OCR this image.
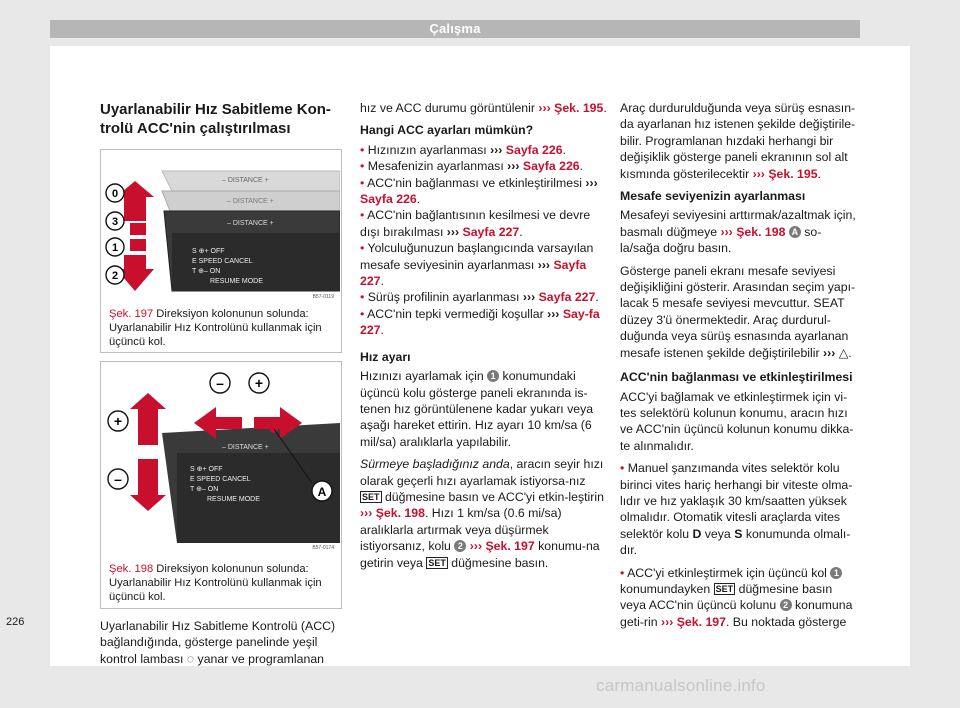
Çalışma
Uyarlanabilir Hız Sabitleme Kon-trolü ACC'nin çalıştırılması
– DISTANCE +
– DISTANCE +
– DISTANCE +
S ⊕+ OFF
E SPEED CANCEL
T ⊕– ON
RESUME MODE
0
3
1
2
B57-0119
Şek. 197 Direksiyon kolonunun solunda: Uyarlanabilir Hız Kontrolünü kullanmak için üçüncü kol.
– DISTANCE +
S ⊕+ OFF
E SPEED CANCEL
T ⊕– ON
RESUME MODE
– +
+
–
A
B57-0174
Şek. 198 Direksiyon kolonunun solunda: Uyarlanabilir Hız Kontrolünü kullanmak için üçüncü kol.
Uyarlanabilir Hız Sabitleme Kontrolü (ACC) bağlandığında, gösterge panelinde yeşil kontrol lambası ◌ yanar ve programlanan

hız ve ACC durumu görüntülenir ››› Şek. 195.

Hangi ACC ayarları mümkün?
• Hızınızın ayarlanması ››› Sayfa 226.
• Mesafenizin ayarlanması ››› Sayfa 226.
• ACC'nin bağlanması ve etkinleştirilmesi ››› Sayfa 226.
• ACC'nin bağlantısının kesilmesi ve devre dışı bırakılması ››› Sayfa 227.
• Yolculuğunuzun başlangıcında varsayılan mesafe seviyesinin ayarlanması ››› Sayfa 227.
• Sürüş profilinin ayarlanması ››› Sayfa 227.
• ACC'nin tepki vermediği koşullar ››› Say-fa 227.
Hız ayarı

Hızınızı ayarlamak için 1 konumundaki üçüncü kolu gösterge paneli ekranında is-tenen hız görüntülenene kadar yukarı veya aşağı hareket ettirin. Hız ayarı 10 km/sa (6 mil/sa) aralıklarla yapılabilir.

Sürmeye başladığınız anda, aracın seyir hızı olarak geçerli hızı ayarlamak istiyorsa-nız SET düğmesine basın ve ACC'yi etkin-leştirin ››› Şek. 198. Hızı 1 km/sa (0.6 mi/sa) aralıklarla artırmak veya düşürmek istiyorsanız, kolu 2 ››› Şek. 197 konumu-na getirin veya SET düğmesine basın.

Araç durdurulduğunda veya sürüş esnasın-da ayarlanan hız istenen şekilde değiştirile-bilir. Programlanan hızdaki herhangi bir değişiklik gösterge paneli ekranının sol alt kısmında gösterilecektir ››› Şek. 195.

Mesafe seviyenizin ayarlanması

Mesafeyi seviyesini arttırmak/azaltmak için, basmalı düğmeye ››› Şek. 198 A so-la/sağa doğru basın.

Gösterge paneli ekranı mesafe seviyesi değişikliğini gösterir. Arasından seçim yapı-lacak 5 mesafe seviyesi mevcuttur. SEAT düzey 3'ü önermektedir. Araç durdurul-duğunda veya sürüş esnasında ayarlanan mesafe istenen şekilde değiştirilebilir ››› △.

ACC'nin bağlanması ve etkinleştirilmesi

ACC'yi bağlamak ve etkinleştirmek için vi-tes selektörü kolunun konumu, aracın hızı ve ACC'nin üçüncü kolunun konumu dikka-te alınmalıdır.

• Manuel şanzımanda vites selektör kolu birinci vites hariç herhangi bir viteste olma-lıdır ve hız yaklaşık 30 km/saatten yüksek olmalıdır. Otomatik vitesli araçlarda vites selektör kolu D veya S konumunda olmalı-dır.

• ACC'yi etkinleştirmek için üçüncü kol 1 konumundayken SET düğmesine basın veya ACC'nin üçüncü kolunu 2 konumuna geti-rin ››› Şek. 197. Bu noktada gösterge

226
carmanualsonline.info
